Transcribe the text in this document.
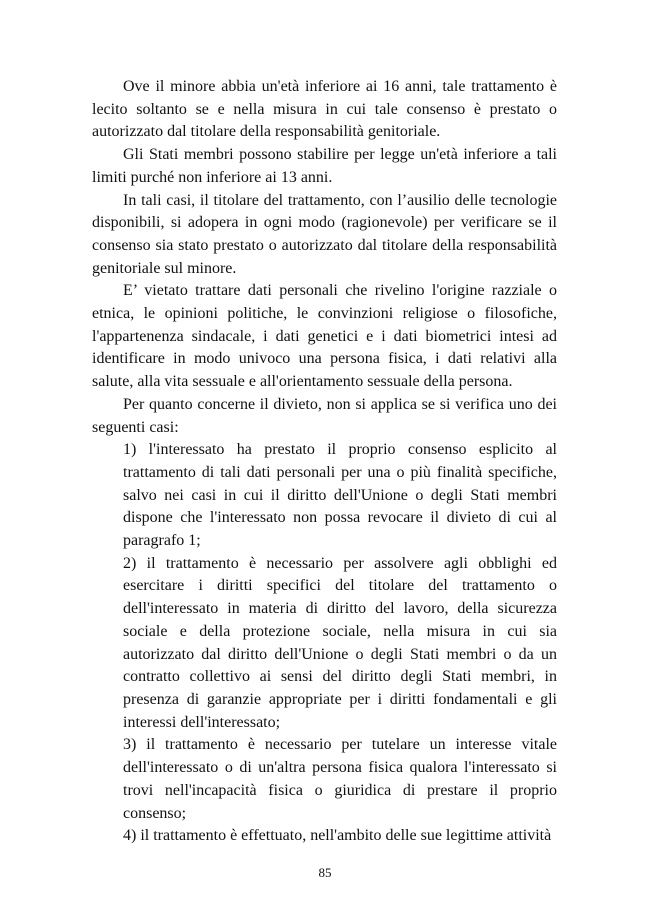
Ove il minore abbia un'età inferiore ai 16 anni, tale trattamento è lecito soltanto se e nella misura in cui tale consenso è prestato o autorizzato dal titolare della responsabilità genitoriale.

Gli Stati membri possono stabilire per legge un'età inferiore a tali limiti purché non inferiore ai 13 anni.

In tali casi, il titolare del trattamento, con l’ausilio delle tecnologie disponibili, si adopera in ogni modo (ragionevole) per verificare se il consenso sia stato prestato o autorizzato dal titolare della responsabilità genitoriale sul minore.

E’ vietato trattare dati personali che rivelino l'origine razziale o etnica, le opinioni politiche, le convinzioni religiose o filosofiche, l'appartenenza sindacale, i dati genetici e i dati biometrici intesi ad identificare in modo univoco una persona fisica, i dati relativi alla salute, alla vita sessuale e all'orientamento sessuale della persona.

Per quanto concerne il divieto, non si applica se si verifica uno dei seguenti casi:

1) l'interessato ha prestato il proprio consenso esplicito al trattamento di tali dati personali per una o più finalità specifiche, salvo nei casi in cui il diritto dell'Unione o degli Stati membri dispone che l'interessato non possa revocare il divieto di cui al paragrafo 1;

2) il trattamento è necessario per assolvere agli obblighi ed esercitare i diritti specifici del titolare del trattamento o dell'interessato in materia di diritto del lavoro, della sicurezza sociale e della protezione sociale, nella misura in cui sia autorizzato dal diritto dell'Unione o degli Stati membri o da un contratto collettivo ai sensi del diritto degli Stati membri, in presenza di garanzie appropriate per i diritti fondamentali e gli interessi dell'interessato;

3) il trattamento è necessario per tutelare un interesse vitale dell'interessato o di un'altra persona fisica qualora l'interessato si trovi nell'incapacità fisica o giuridica di prestare il proprio consenso;

4) il trattamento è effettuato, nell'ambito delle sue legittime attività

85
